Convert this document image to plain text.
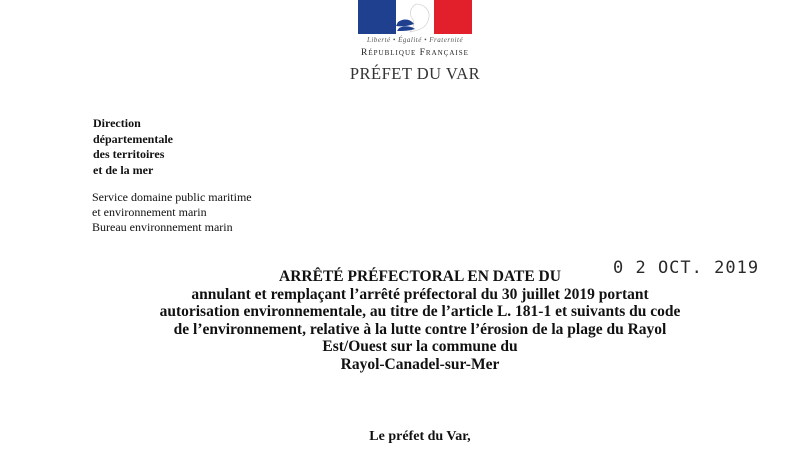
Liberté • Égalité • Fraternité
République Française
PRÉFET DU VAR
Direction
départementale
des territoires
et de la mer
Service domaine public maritime
et environnement marin
Bureau environnement marin
0 2 OCT. 2019
ARRÊTÉ PRÉFECTORAL EN DATE DU
annulant et remplaçant l’arrêté préfectoral du 30 juillet 2019 portant
autorisation environnementale, au titre de l’article L. 181-1 et suivants du code
de l’environnement, relative à la lutte contre l’érosion de la plage du Rayol
Est/Ouest sur la commune du
Rayol-Canadel-sur-Mer
Le préfet du Var,
